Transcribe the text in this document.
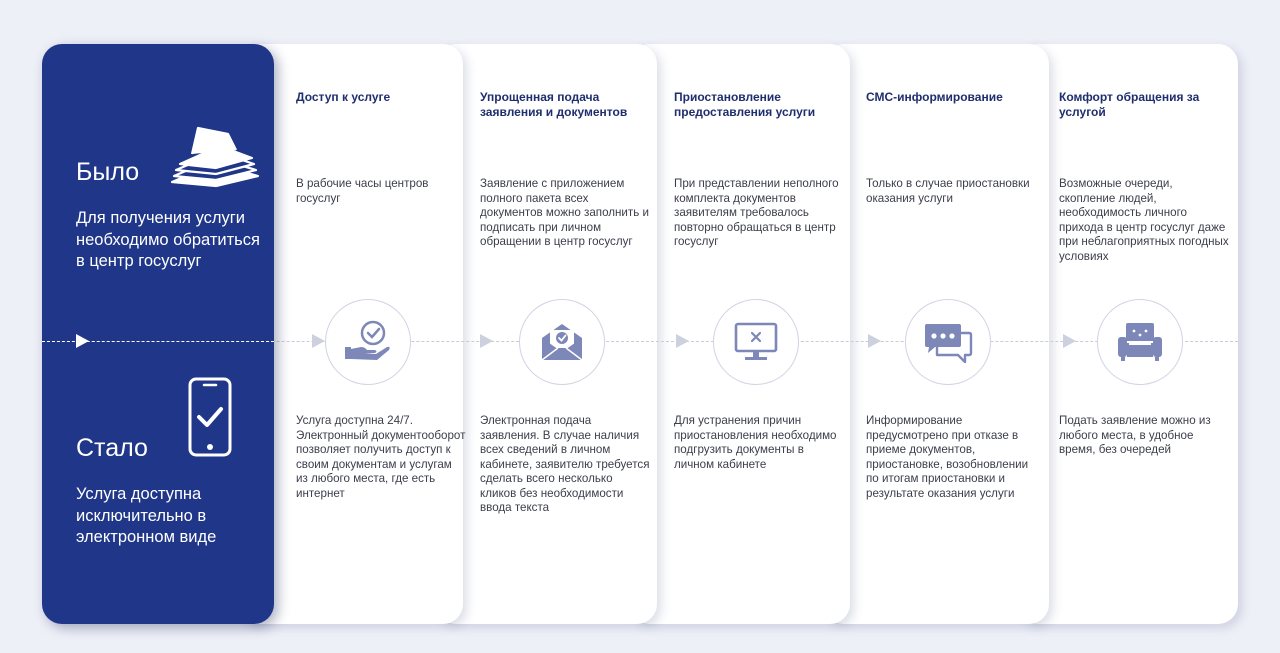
Было
Для получения услуги необходимо обратиться в центр госуслуг
Стало
Услуга доступна исключительно в электронном виде
Доступ к услуге
В рабочие часы центров госуслуг
Услуга доступна 24/7. Электронный документооборот позволяет получить доступ к своим документам и услугам из любого места, где есть интернет
Упрощенная подача заявления и документов
Заявление с приложением полного пакета всех документов можно заполнить и подписать при личном обращении в центр госуслуг
Электронная подача заявления. В случае наличия всех сведений в личном кабинете, заявителю требуется сделать всего несколько кликов без необходимости ввода текста
Приостановление предоставления услуги
При представлении неполного комплекта документов заявителям требовалось повторно обращаться в центр госуслуг
Для устранения причин приостановления необходимо подгрузить документы в личном кабинете
СМС-информирование
Только в случае приостановки оказания услуги
Информирование предусмотрено при отказе в приеме документов, приостановке, возобновлении по итогам приостановки и результате оказания услуги
Комфорт обращения за услугой
Возможные очереди, скопление людей, необходимость личного прихода в центр госуслуг даже при неблагоприятных погодных условиях
Подать заявление можно из любого места, в удобное время, без очередей
